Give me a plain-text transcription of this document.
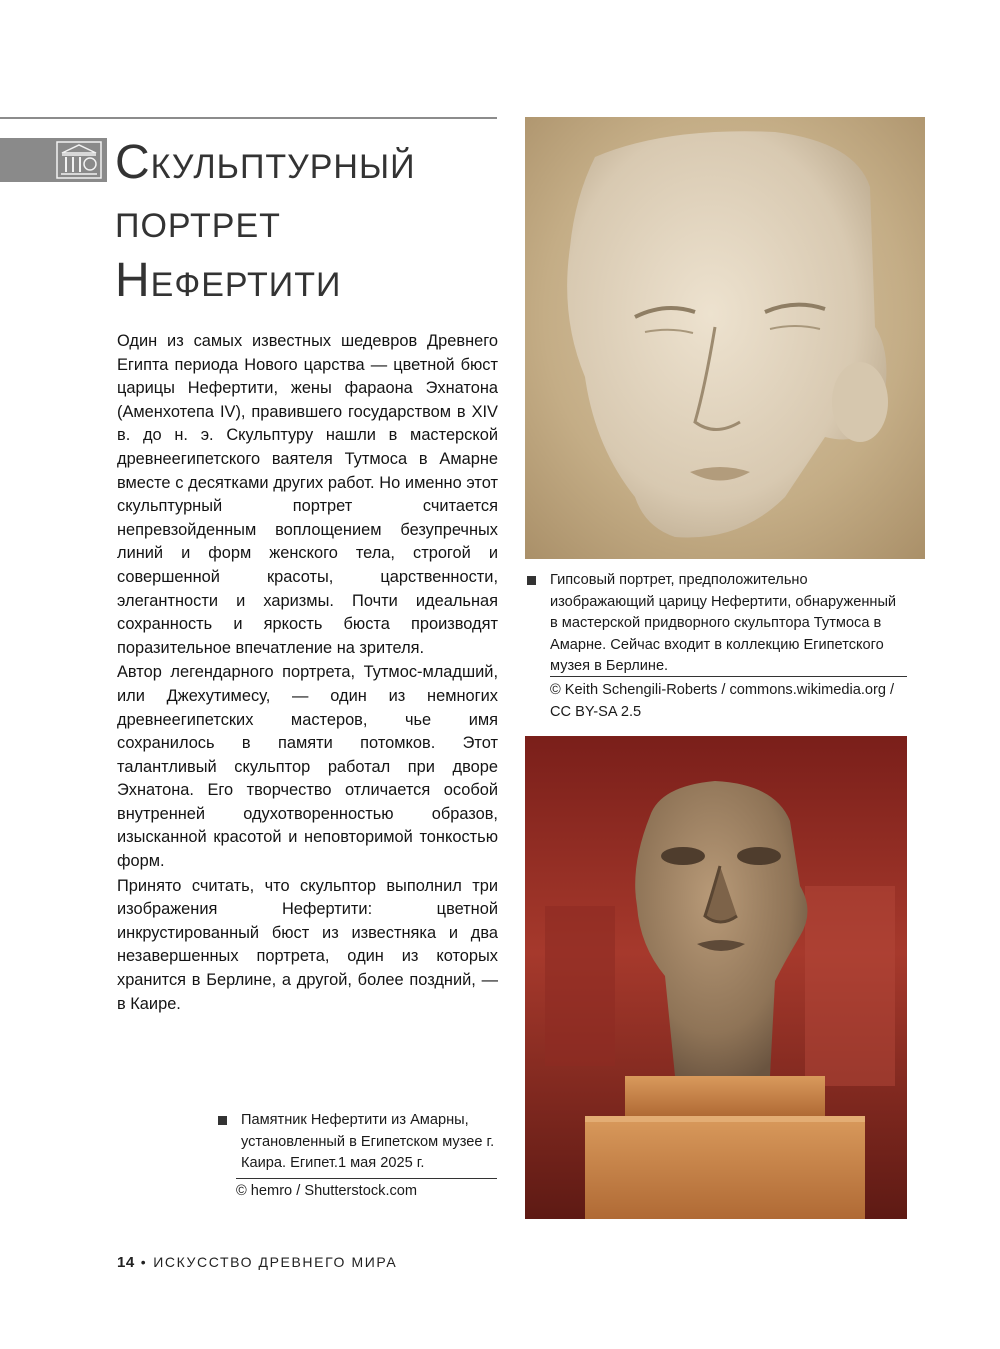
Скульптурный
портрет
Нефертити

Один из самых известных шедевров Древнего Египта периода Нового царства — цветной бюст царицы Нефертити, жены фараона Эхнатона (Аменхотепа IV), правившего государством в XIV в. до н. э. Скульптуру нашли в мастерской древнеегипетского ваятеля Тутмоса в Амарне вместе с десятками других работ. Но именно этот скульптурный портрет считается непревзойденным воплощением безупречных линий и форм женского тела, строгой и совершенной красоты, царственности, элегантности и харизмы. Почти идеальная сохранность и яркость бюста производят поразительное впечатление на зрителя.

Автор легендарного портрета, Тутмос-младший, или Джехутимесу, — один из немногих древнеегипетских мастеров, чье имя сохранилось в памяти потомков. Этот талантливый скульптор работал при дворе Эхнатона. Его творчество отличается особой внутренней одухотворенностью образов, изысканной красотой и неповторимой тонкостью форм.

Принято считать, что скульптор выполнил три изображения Нефертити: цветной инкрустированный бюст из известняка и два незавершенных портрета, один из которых хранится в Берлине, а другой, более поздний, — в Каире.

Гипсовый портрет, предположительно изображающий царицу Нефертити, обнаруженный в мастерской придворного скульптора Тутмоса в Амарне. Сейчас входит в коллекцию Египетского музея в Берлине.
© Keith Schengili-Roberts / commons.wikimedia.org / CC BY-SA 2.5
Памятник Нефертити из Амарны, установленный в Египетском музее г. Каира. Египет.1 мая 2025 г.
© hemro / Shutterstock.com
14 • ИСКУССТВО ДРЕВНЕГО МИРА
